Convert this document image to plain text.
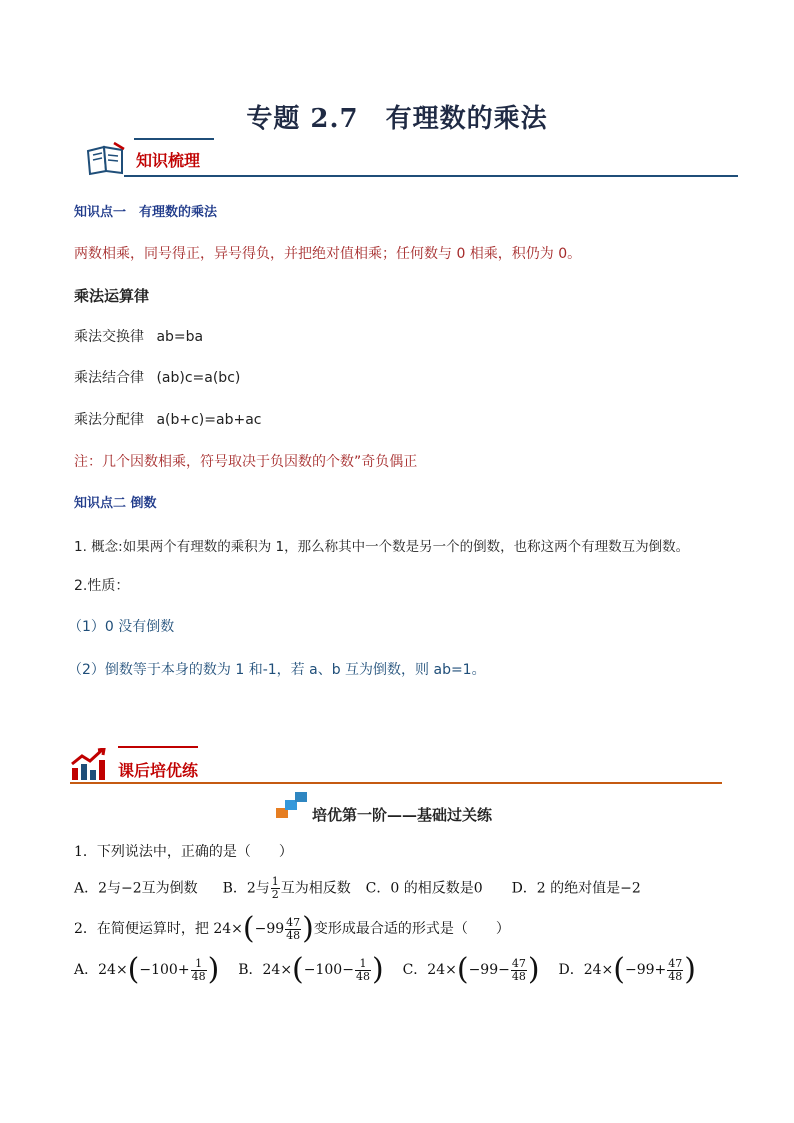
专题 2.7　有理数的乘法
知识梳理
知识点一　有理数的乘法
两数相乘，同号得正，异号得负，并把绝对值相乘；任何数与 0 相乘，积仍为 0。
乘法运算律
乘法交换律 ab=ba
乘法结合律 (ab)c=a(bc)
乘法分配律 a(b+c)=ab+ac
注：几个因数相乘，符号取决于负因数的个数”奇负偶正
知识点二 倒数
1. 概念:如果两个有理数的乘积为 1，那么称其中一个数是另一个的倒数，也称这两个有理数互为倒数。
2.性质：
（1）0 没有倒数
（2）倒数等于本身的数为 1 和-1，若 a、b 互为倒数，则 ab=1。
课后培优练
培优第一阶——基础过关练
1．下列说法中，正确的是（　　）
A．2与−2互为倒数 B．2与 $\frac{1}{2}$ 互为相反数 C．0 的相反数是0 D．2 的绝对值是−2
2．在简便运算时，把 $24\times(-99 \frac{47}{48}$ )变形成最合适的形式是（　　）
A．$24\times(-100+ \frac{1}{48}$ ) B．$24\times(-100- \frac{1}{48}$ ) C．$24\times(-99- \frac{47}{48}$ ) D．$24\times(-99+ \frac{47}{48}$ )
